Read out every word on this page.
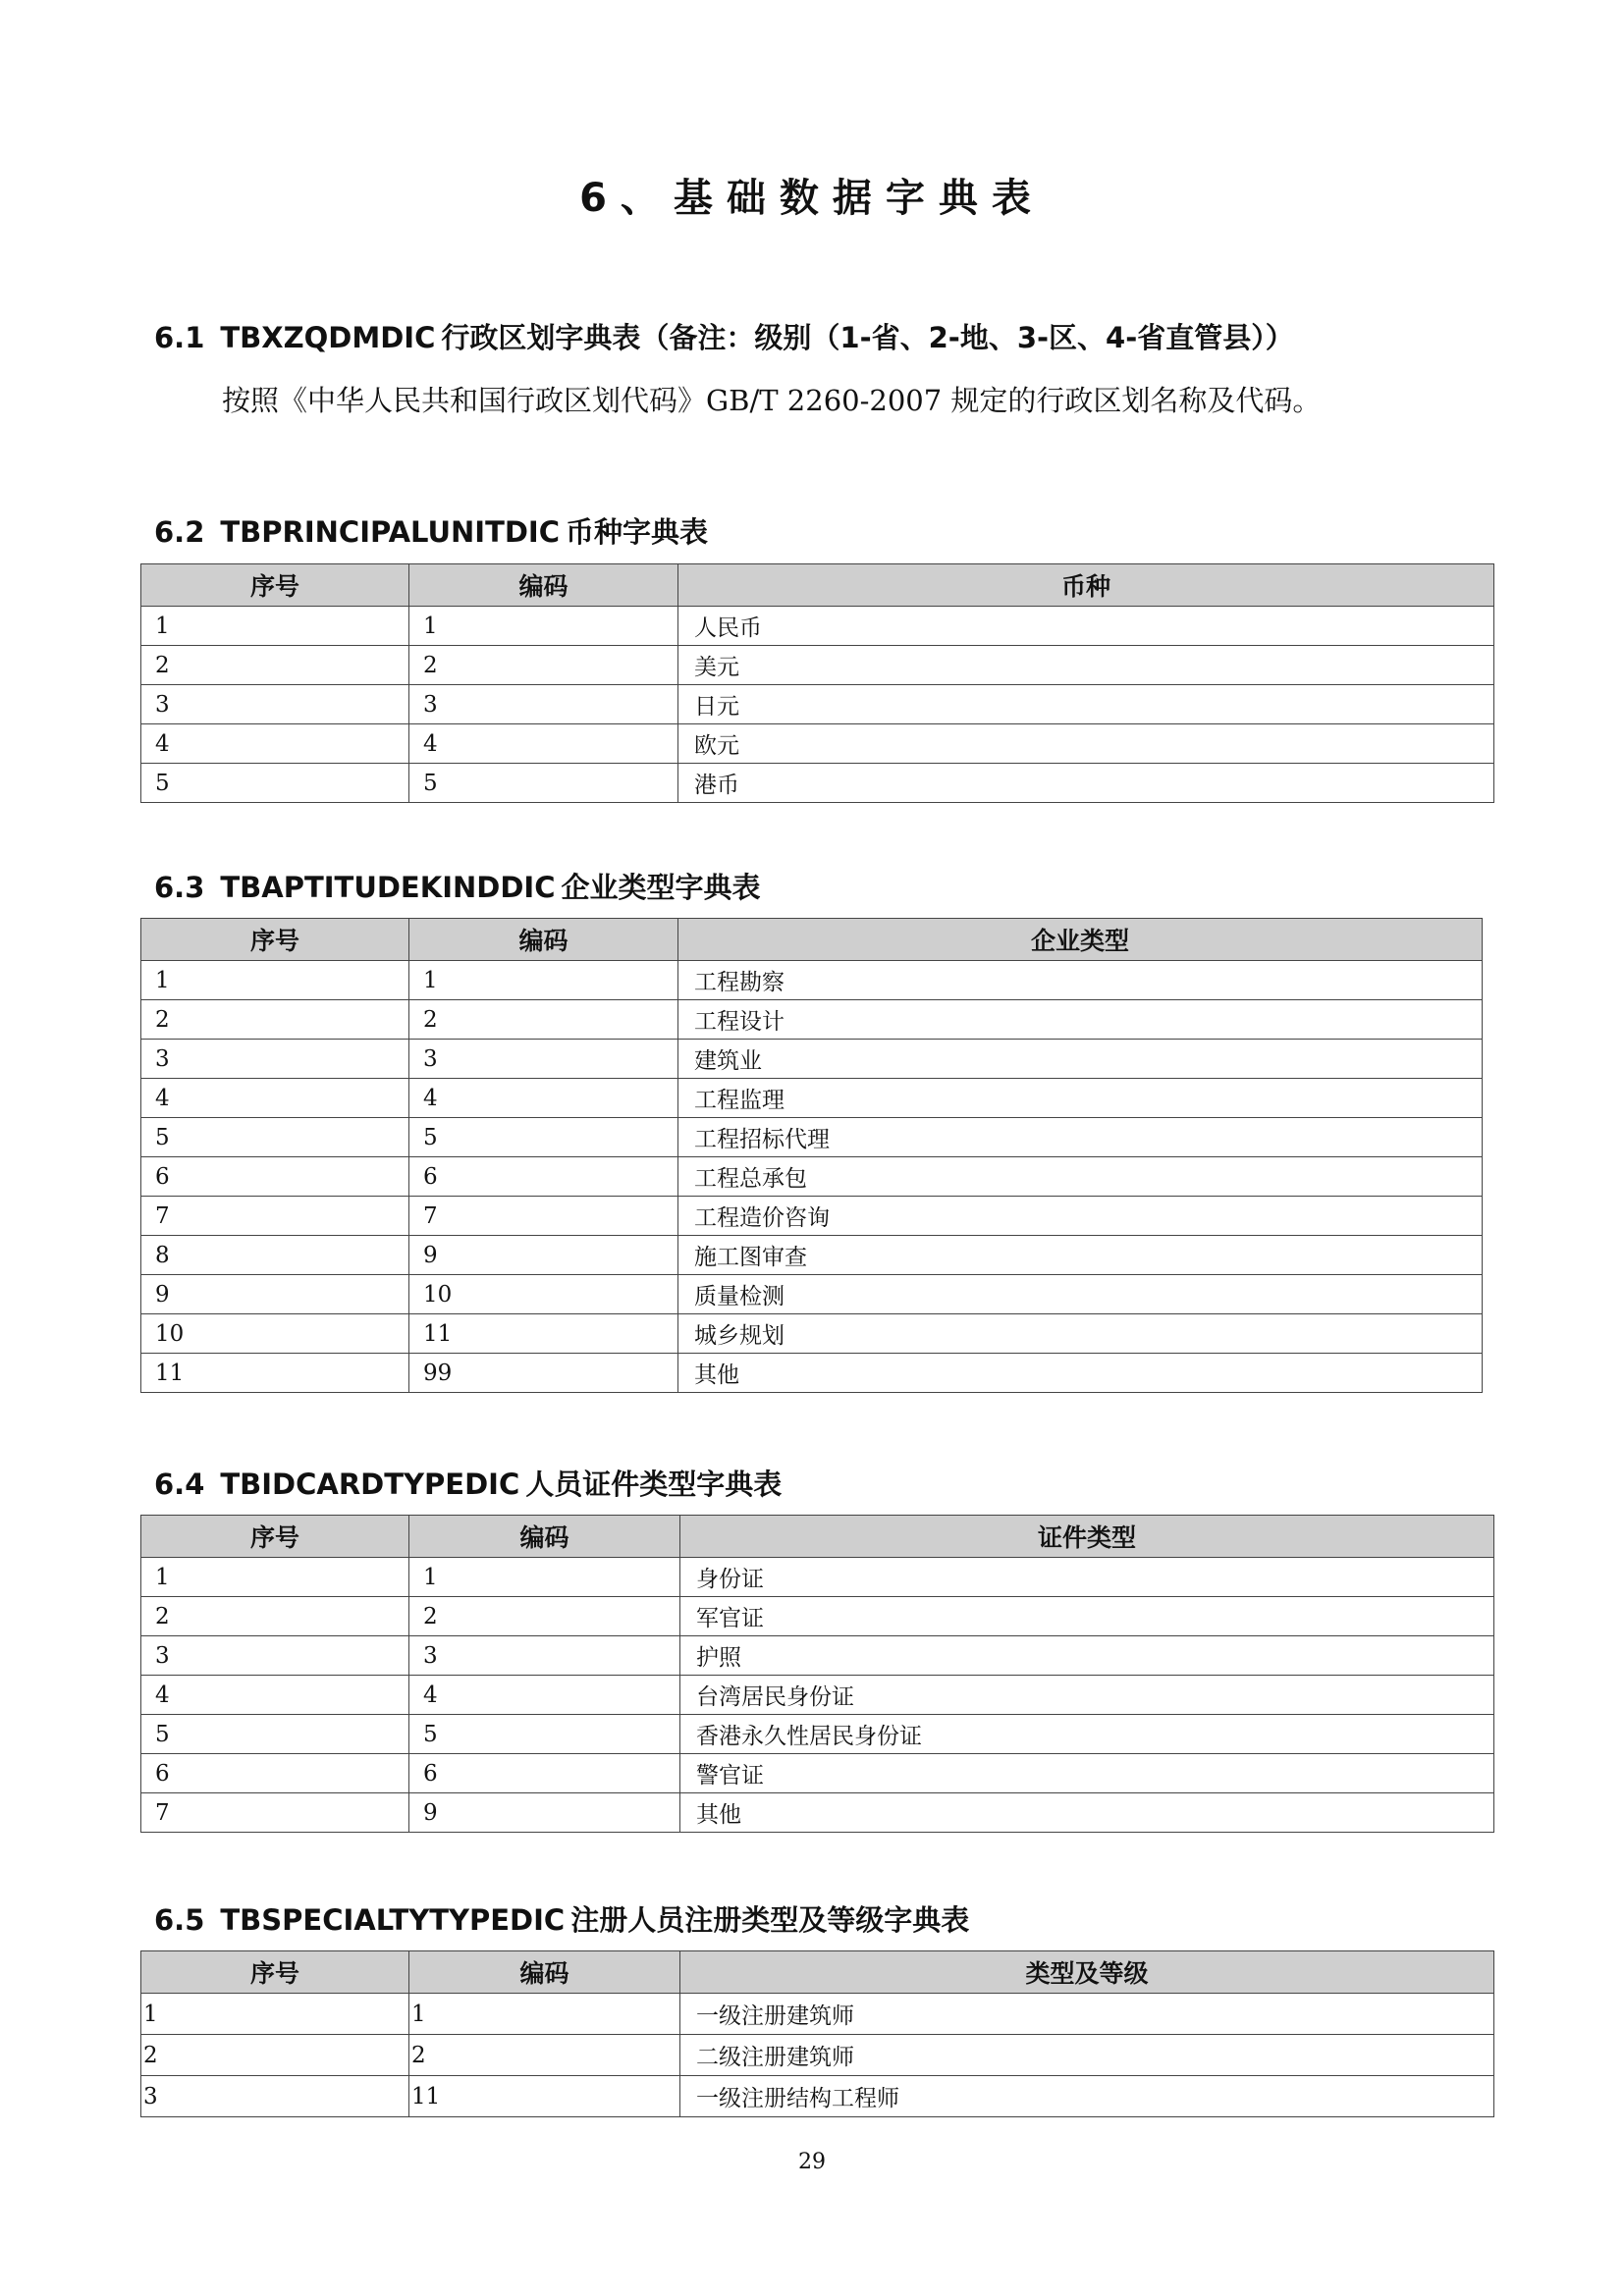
6、基础数据字典表
6.1 TBXZQDMDIC 行政区划字典表（备注：级别（1-省、2-地、3-区、4-省直管县））

按照《中华人民共和国行政区划代码》GB/T 2260-2007 规定的行政区划名称及代码。

6.2 TBPRINCIPALUNITDIC 币种字典表
序号	编码	币种
1	1	人民币
2	2	美元
3	3	日元
4	4	欧元
5	5	港币
6.3 TBAPTITUDEKINDDIC 企业类型字典表
序号	编码	企业类型
1	1	工程勘察
2	2	工程设计
3	3	建筑业
4	4	工程监理
5	5	工程招标代理
6	6	工程总承包
7	7	工程造价咨询
8	9	施工图审查
9	10	质量检测
10	11	城乡规划
11	99	其他
6.4 TBIDCARDTYPEDIC 人员证件类型字典表
序号	编码	证件类型
1	1	身份证
2	2	军官证
3	3	护照
4	4	台湾居民身份证
5	5	香港永久性居民身份证
6	6	警官证
7	9	其他
6.5 TBSPECIALTYTYPEDIC 注册人员注册类型及等级字典表
序号	编码	类型及等级
1	1	一级注册建筑师
2	2	二级注册建筑师
3	11	一级注册结构工程师
29
